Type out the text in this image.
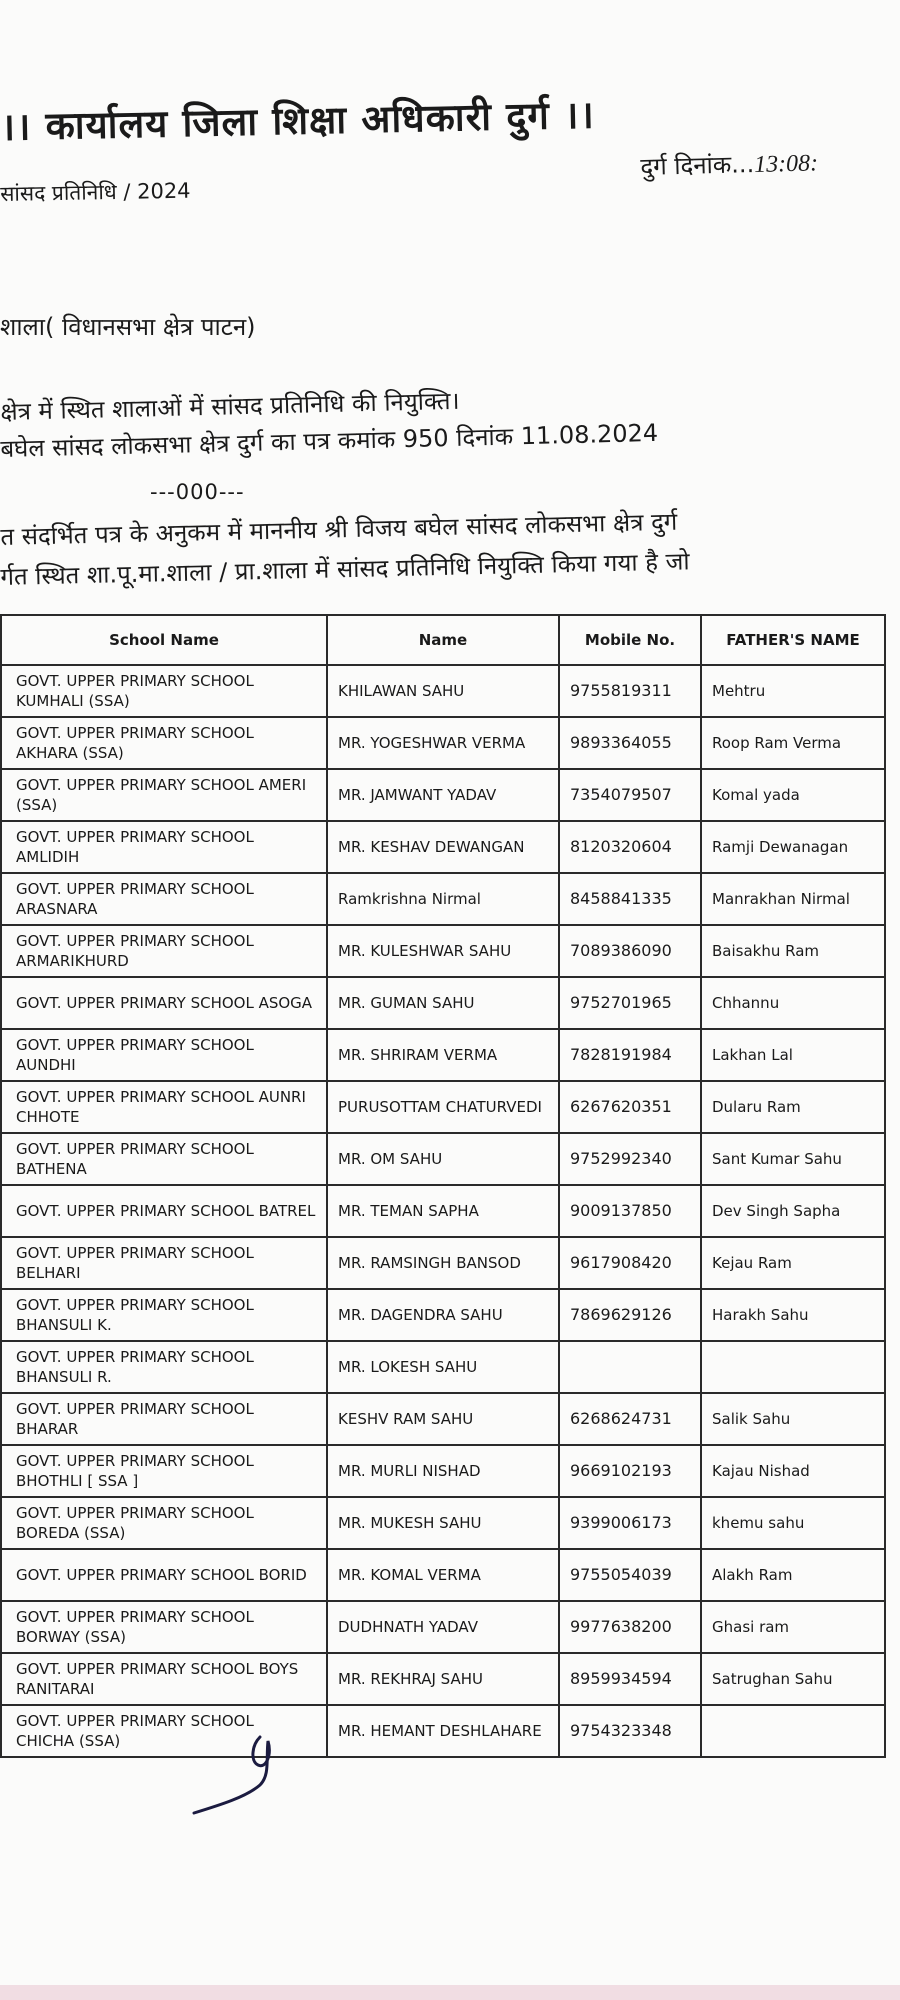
।। कार्यालय जिला शिक्षा अधिकारी दुर्ग ।।
दुर्ग दिनांक...13:08:
सांसद प्रतिनिधि / 2024
शाला( विधानसभा क्षेत्र पाटन)
क्षेत्र में स्थित शालाओं में सांसद प्रतिनिधि की नियुक्ति।
बघेल सांसद लोकसभा क्षेत्र दुर्ग का पत्र कमांक 950 दिनांक 11.08.2024
---000---
त संदर्भित पत्र के अनुकम में माननीय श्री विजय बघेल सांसद लोकसभा क्षेत्र दुर्ग
र्गत स्थित शा.पू.मा.शाला / प्रा.शाला में सांसद प्रतिनिधि नियुक्ति किया गया है जो
School Name	Name	Mobile No.	FATHER'S NAME
GOVT. UPPER PRIMARY SCHOOL KUMHALI (SSA)	KHILAWAN SAHU	9755819311	Mehtru
GOVT. UPPER PRIMARY SCHOOL AKHARA (SSA)	MR. YOGESHWAR VERMA	9893364055	Roop Ram Verma
GOVT. UPPER PRIMARY SCHOOL AMERI (SSA)	MR. JAMWANT YADAV	7354079507	Komal yada
GOVT. UPPER PRIMARY SCHOOL AMLIDIH	MR. KESHAV DEWANGAN	8120320604	Ramji Dewanagan
GOVT. UPPER PRIMARY SCHOOL ARASNARA	Ramkrishna Nirmal	8458841335	Manrakhan Nirmal
GOVT. UPPER PRIMARY SCHOOL ARMARIKHURD	MR. KULESHWAR SAHU	7089386090	Baisakhu Ram
GOVT. UPPER PRIMARY SCHOOL ASOGA	MR. GUMAN SAHU	9752701965	Chhannu
GOVT. UPPER PRIMARY SCHOOL AUNDHI	MR. SHRIRAM VERMA	7828191984	Lakhan Lal
GOVT. UPPER PRIMARY SCHOOL AUNRI CHHOTE	PURUSOTTAM CHATURVEDI	6267620351	Dularu Ram
GOVT. UPPER PRIMARY SCHOOL BATHENA	MR. OM SAHU	9752992340	Sant Kumar Sahu
GOVT. UPPER PRIMARY SCHOOL BATREL	MR. TEMAN SAPHA	9009137850	Dev Singh Sapha
GOVT. UPPER PRIMARY SCHOOL BELHARI	MR. RAMSINGH BANSOD	9617908420	Kejau Ram
GOVT. UPPER PRIMARY SCHOOL BHANSULI K.	MR. DAGENDRA SAHU	7869629126	Harakh Sahu
GOVT. UPPER PRIMARY SCHOOL BHANSULI R.	MR. LOKESH SAHU		
GOVT. UPPER PRIMARY SCHOOL BHARAR	KESHV RAM SAHU	6268624731	Salik Sahu
GOVT. UPPER PRIMARY SCHOOL BHOTHLI [ SSA ]	MR. MURLI NISHAD	9669102193	Kajau Nishad
GOVT. UPPER PRIMARY SCHOOL BOREDA (SSA)	MR. MUKESH SAHU	9399006173	khemu sahu
GOVT. UPPER PRIMARY SCHOOL BORID	MR. KOMAL VERMA	9755054039	Alakh Ram
GOVT. UPPER PRIMARY SCHOOL BORWAY (SSA)	DUDHNATH YADAV	9977638200	Ghasi ram
GOVT. UPPER PRIMARY SCHOOL BOYS RANITARAI	MR. REKHRAJ SAHU	8959934594	Satrughan Sahu
GOVT. UPPER PRIMARY SCHOOL CHICHA (SSA)	MR. HEMANT DESHLAHARE	9754323348	
